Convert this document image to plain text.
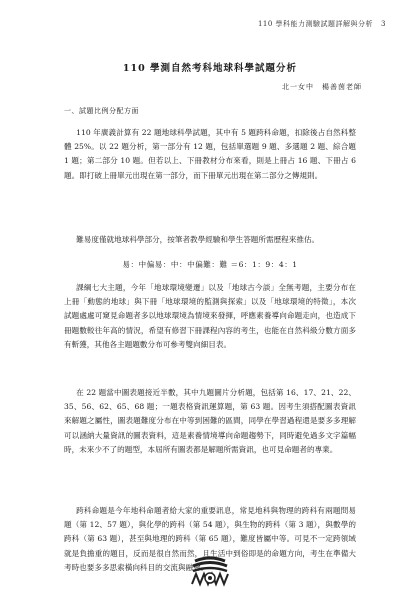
110 學科能力測驗試題詳解與分析 3
110 學測自然考科地球科學試題分析
北一女中　楊善茵老師
一、試題比例分配方面

110 年廣義計算有 22 題地球科學試題，其中有 5 題跨科命題，扣除後占自然科整體 25%。以 22 題分析，第一部分有 12 題，包括單選題 9 題、多選題 2 題、綜合題 1 題；第二部分 10 題。但若以上、下冊教材分布來看，則是上冊占 16 題、下冊占 6 題。即打破上冊單元出現在第一部分，而下冊單元出現在第二部分之傳規則。

難易度僅就地球科學部分，按筆者教學經驗和學生答題所需歷程來推估。

易：中偏易：中：中偏難：難 ＝6：1：9：4：1

課綱七大主題，今年「地球環境變遷」以及「地球古今談」全無考題，主要分布在上冊「動態的地球」與下冊「地球環境的監測與探索」以及「地球環境的特徵」，本次試題處處可窺見命題者多以地球環境為情境來發揮，呼應素養導向命題走向，也造成下冊題數較往年高的情況，希望有修習下冊課程內容的考生，也能在自然科級分數方面多有斬獲，其他各主題題數分布可參考雙向細目表。

在 22 題當中圖表題接近半數，其中九題圖片分析題，包括第 16、17、21、22、35、56、62、65、68 題；一題表格資訊運算題，第 63 題。因考生須搭配圖表資訊來解題之屬性，圖表題難度分布在中等到困難的區間，同學在學習過程還是要多多理解可以涵納大量資訊的圖表資料，這是素養情境導向命題趨勢下，同時避免過多文字篇幅時，未來少不了的題型，本屆所有圖表都是解題所需資訊，也可見命題者的專業。

跨科命題是今年地科命題者給大家的重要訊息，常見地科與物理的跨科有兩題問易題（第 12、57 題），與化學的跨科（第 54 題），與生物的跨科（第 3 題），與數學的跨科（第 63 題），甚至與地理的跨科（第 65 題），難度皆屬中等。可見不一定跨領域就是負擔重的題目，反而是很自然而然，且生活中到俗即是的命題方向，考生在準備大考時也要多多思索橫向科目的交流與融會。
